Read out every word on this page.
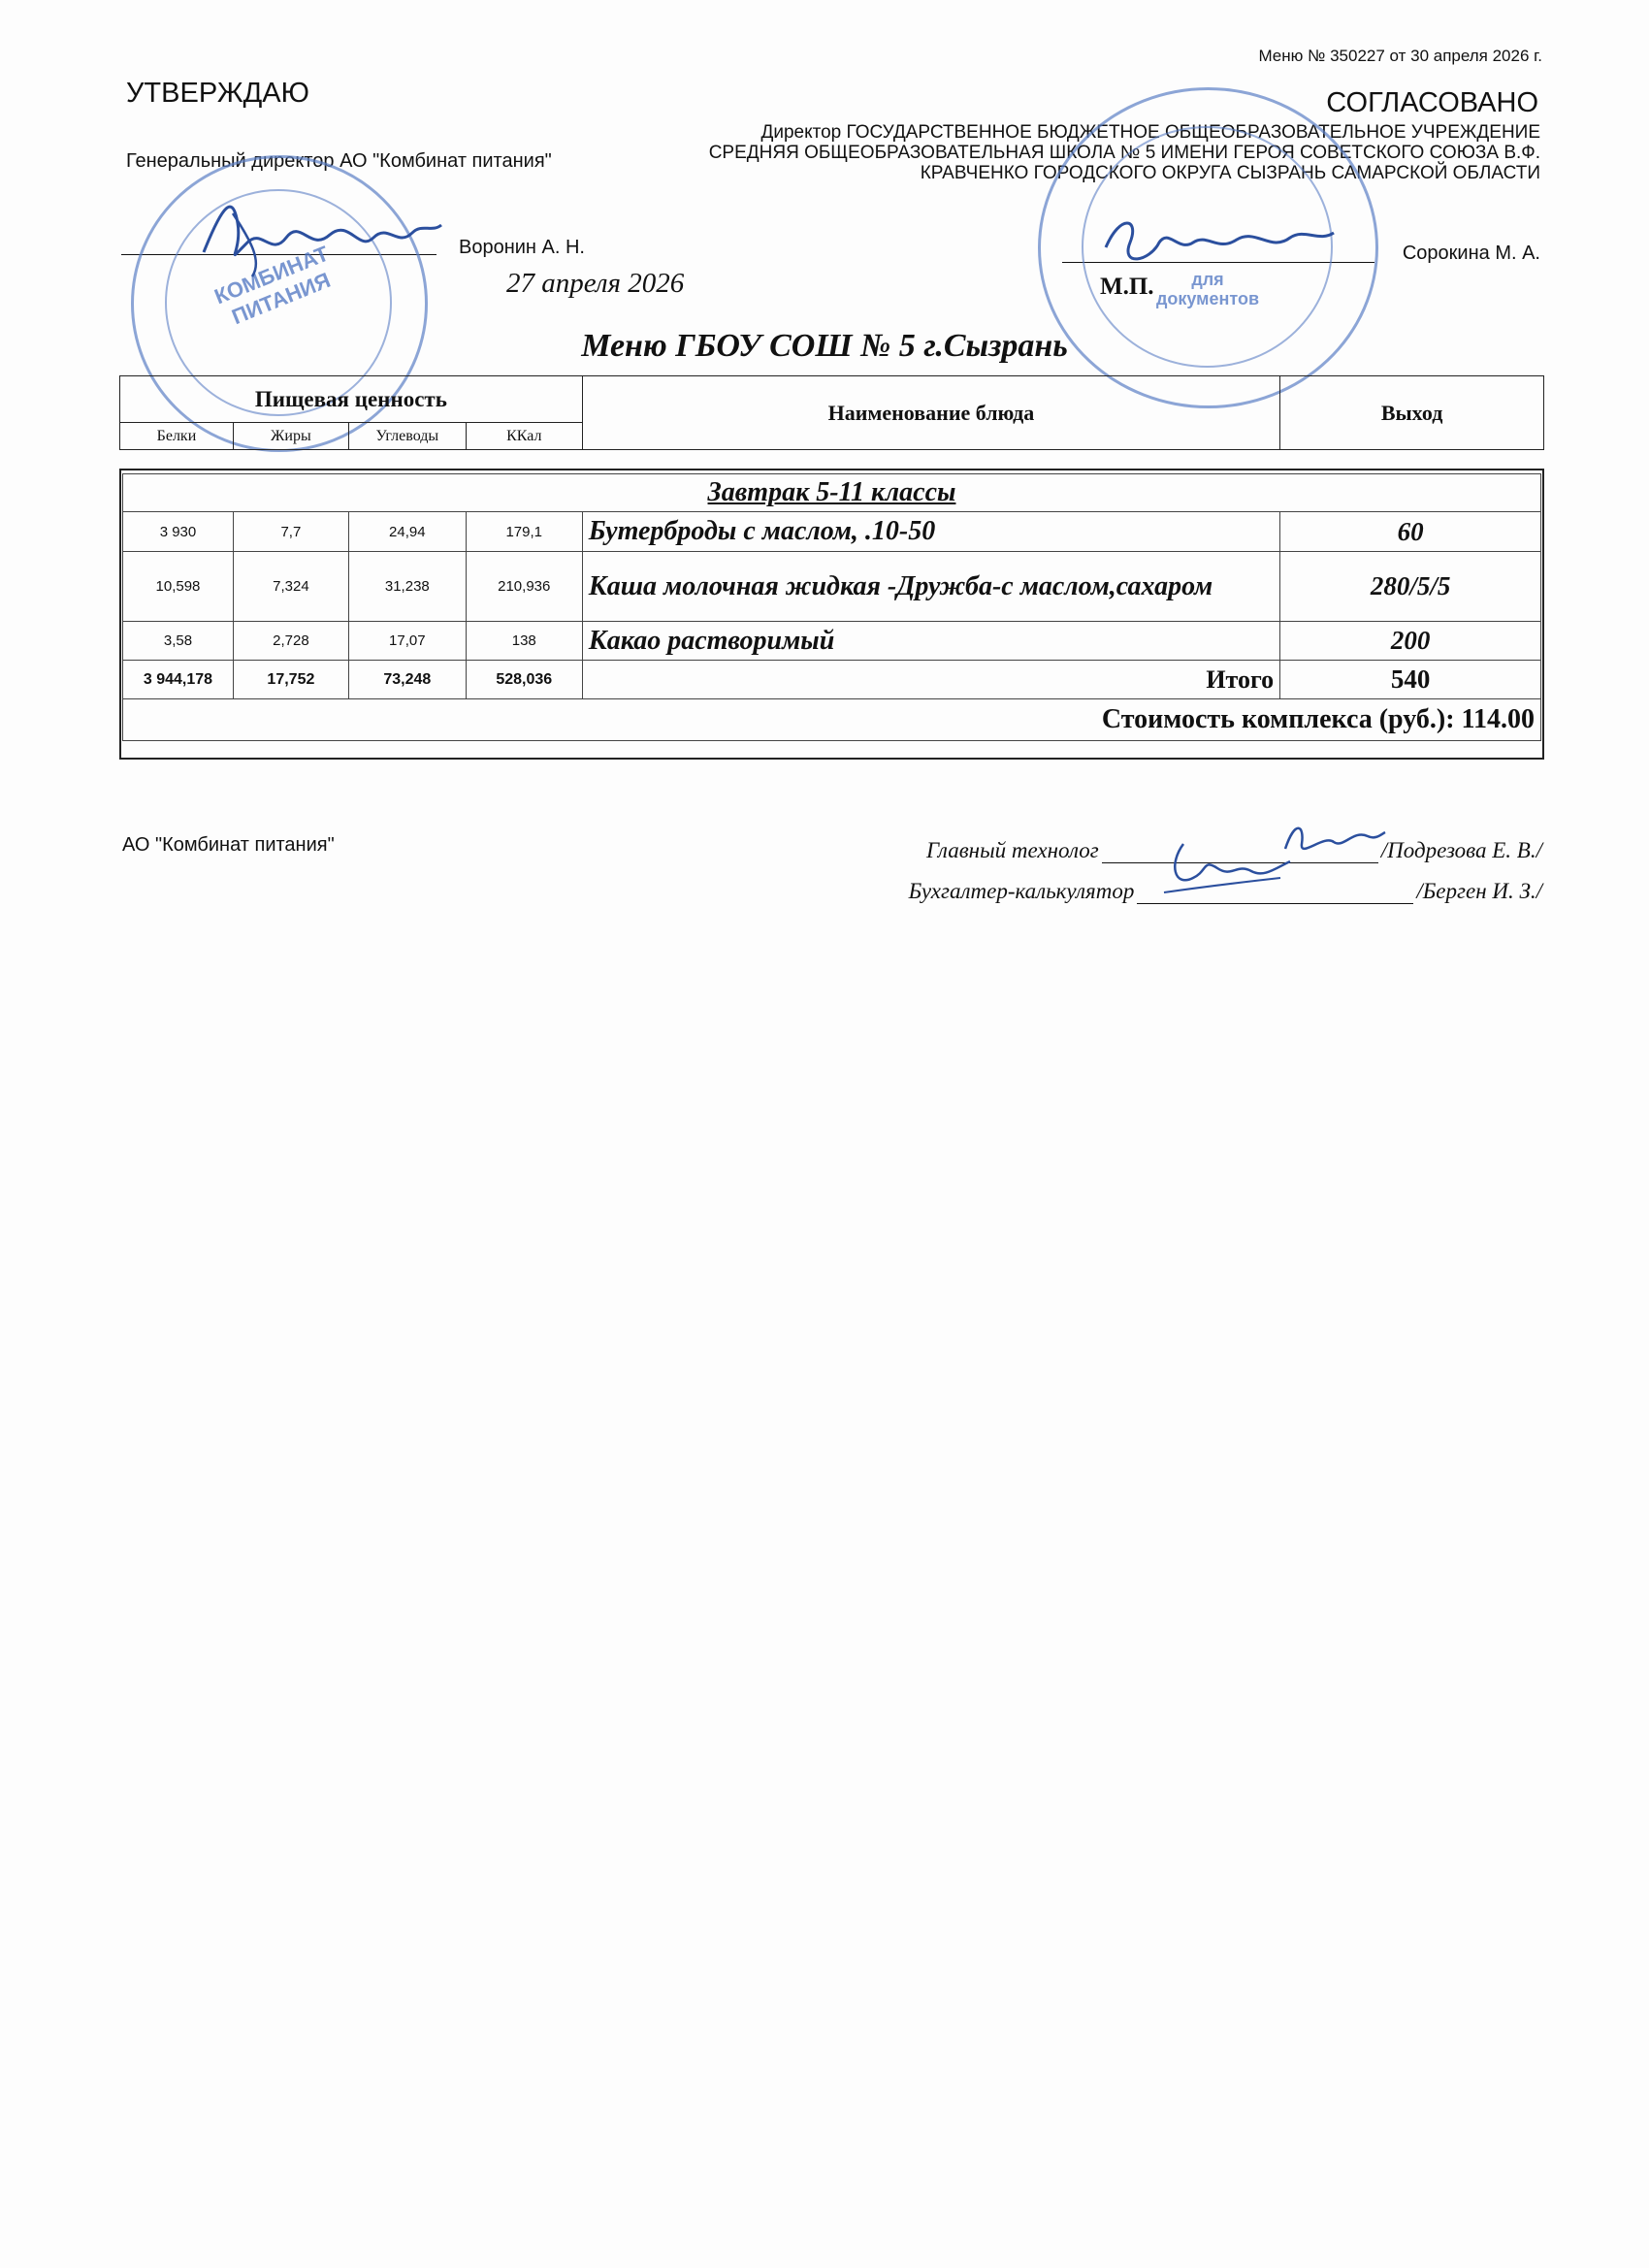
Меню № 350227 от 30 апреля 2026 г.
УТВЕРЖДАЮ
Генеральный директор АО "Комбинат питания"
Воронин А. Н.
27 апреля 2026
КОМБИНАТ ПИТАНИЯ
СОГЛАСОВАНО
Директор ГОСУДАРСТВЕННОЕ БЮДЖЕТНОЕ ОБЩЕОБРАЗОВАТЕЛЬНОЕ УЧРЕЖДЕНИЕ СРЕДНЯЯ ОБЩЕОБРАЗОВАТЕЛЬНАЯ ШКОЛА № 5 ИМЕНИ ГЕРОЯ СОВЕТСКОГО СОЮЗА В.Ф. КРАВЧЕНКО ГОРОДСКОГО ОКРУГА СЫЗРАНЬ САМАРСКОЙ ОБЛАСТИ
Сорокина М. А.
М.П.	для документов
Меню ГБОУ СОШ № 5 г.Сызрань
Пищевая ценность				Наименование блюда	Выход
Белки	Жиры	Углеводы	ККал		
Завтрак 5-11 классы					
3 930	7,7	24,94	179,1	Бутерброды с маслом, .10-50	60
10,598	7,324	31,238	210,936	Каша молочная жидкая -Дружба-с маслом,сахаром	280/5/5
3,58	2,728	17,07	138	Какао растворимый	200
3 944,178	17,752	73,248	528,036	Итого	540
Стоимость комплекса (руб.): 114.00					
АО "Комбинат питания"	Главный технолог	/Подрезова Е. В./
Бухгалтер-калькулятор	/Берген И. З./
